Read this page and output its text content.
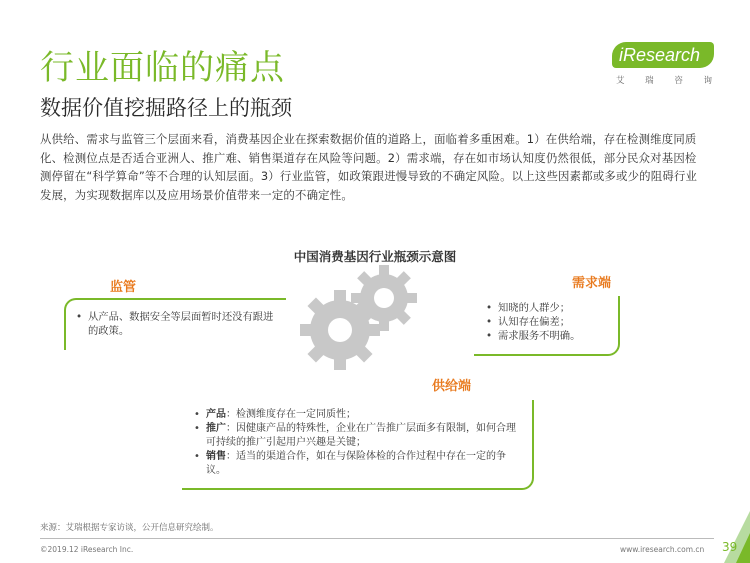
行业面临的痛点
数据价值挖掘路径上的瓶颈
iResearch
艾 瑞 咨 询

从供给、需求与监管三个层面来看，消费基因企业在探索数据价值的道路上，面临着多重困难。1）在供给端，存在检测维度同质化、检测位点是否适合亚洲人、推广难、销售渠道存在风险等问题。2）需求端，存在如市场认知度仍然很低，部分民众对基因检测停留在“科学算命”等不合理的认知层面。3）行业监管，如政策跟进慢导致的不确定风险。以上这些因素都或多或少的阻碍行业发展，为实现数据库以及应用场景价值带来一定的不确定性。

中国消费基因行业瓶颈示意图
监管
• 从产品、数据安全等层面暂时还没有跟进的政策。
需求端
• 知晓的人群少；
• 认知存在偏差；
• 需求服务不明确。
供给端
• 产品：检测维度存在一定同质性；
• 推广：因健康产品的特殊性，企业在广告推广层面多有限制，如何合理可持续的推广引起用户兴趣是关键；
• 销售：适当的渠道合作，如在与保险体检的合作过程中存在一定的争议。
来源：艾瑞根据专家访谈，公开信息研究绘制。
©2019.12 iResearch Inc.	www.iresearch.com.cn 39
